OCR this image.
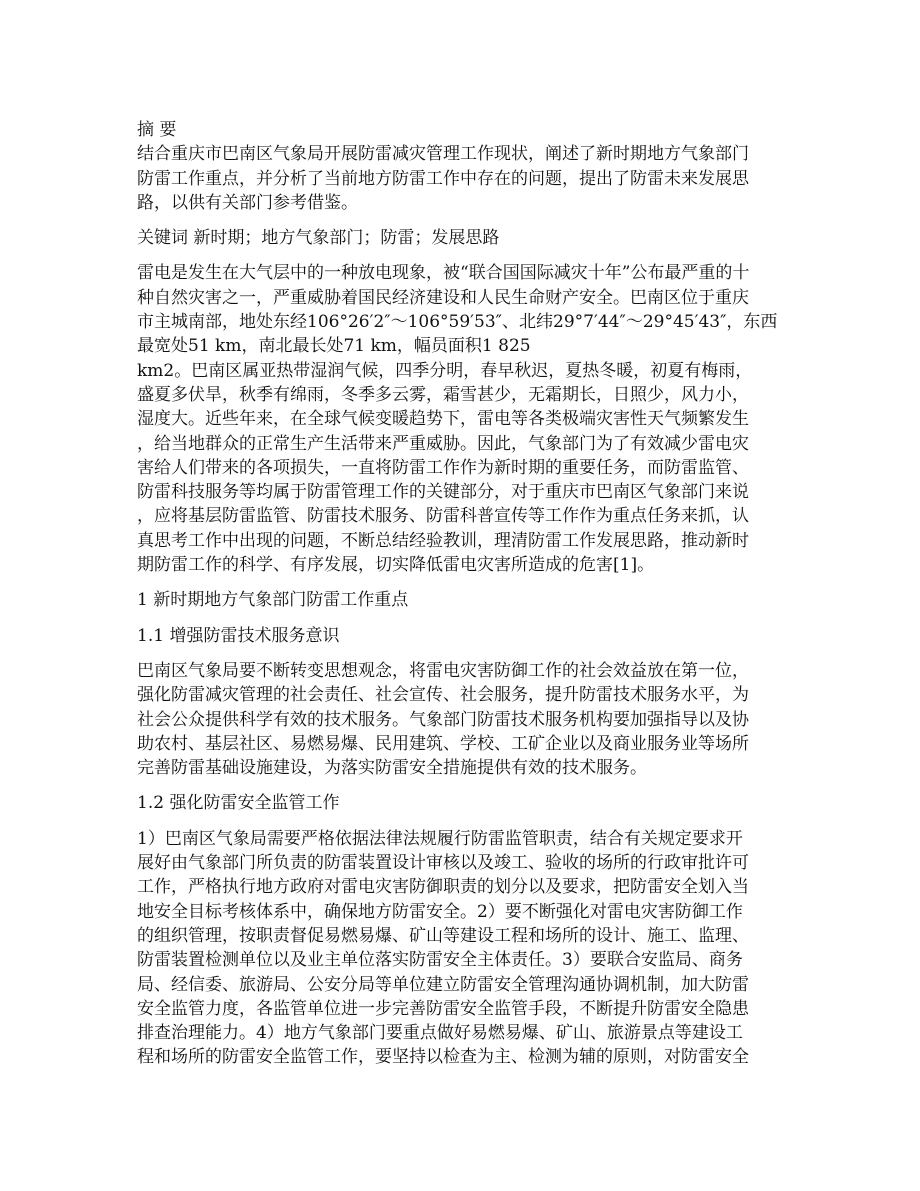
摘 要
结合重庆市巴南区气象局开展防雷减灾管理工作现状，阐述了新时期地方气象部门
防雷工作重点，并分析了当前地方防雷工作中存在的问题，提出了防雷未来发展思
路，以供有关部门参考借鉴。
关键词 新时期；地方气象部门；防雷；发展思路
雷电是发生在大气层中的一种放电现象，被“联合国国际减灾十年”公布最严重的十
种自然灾害之一，严重威胁着国民经济建设和人民生命财产安全。巴南区位于重庆
市主城南部，地处东经106°26′2″～106°59′53″、北纬29°7′44″～29°45′43″，东西
最宽处51 km，南北最长处71 km，幅员面积1 825
km2。巴南区属亚热带湿润气候，四季分明，春早秋迟，夏热冬暖，初夏有梅雨，
盛夏多伏旱，秋季有绵雨，冬季多云雾，霜雪甚少，无霜期长，日照少，风力小，
湿度大。近些年来，在全球气候变暖趋势下，雷电等各类极端灾害性天气频繁发生
，给当地群众的正常生产生活带来严重威胁。因此，气象部门为了有效减少雷电灾
害给人们带来的各项损失，一直将防雷工作作为新时期的重要任务，而防雷监管、
防雷科技服务等均属于防雷管理工作的关键部分，对于重庆市巴南区气象部门来说
，应将基层防雷监管、防雷技术服务、防雷科普宣传等工作作为重点任务来抓，认
真思考工作中出现的问题，不断总结经验教训，理清防雷工作发展思路，推动新时
期防雷工作的科学、有序发展，切实降低雷电灾害所造成的危害[1]。
1 新时期地方气象部门防雷工作重点
1.1 增强防雷技术服务意识
巴南区气象局要不断转变思想观念，将雷电灾害防御工作的社会效益放在第一位，
强化防雷减灾管理的社会责任、社会宣传、社会服务，提升防雷技术服务水平，为
社会公众提供科学有效的技术服务。气象部门防雷技术服务机构要加强指导以及协
助农村、基层社区、易燃易爆、民用建筑、学校、工矿企业以及商业服务业等场所
完善防雷基础设施建设，为落实防雷安全措施提供有效的技术服务。
1.2 强化防雷安全监管工作
1）巴南区气象局需要严格依据法律法规履行防雷监管职责，结合有关规定要求开
展好由气象部门所负责的防雷装置设计审核以及竣工、验收的场所的行政审批许可
工作，严格执行地方政府对雷电灾害防御职责的划分以及要求，把防雷安全划入当
地安全目标考核体系中，确保地方防雷安全。2）要不断强化对雷电灾害防御工作
的组织管理，按职责督促易燃易爆、矿山等建设工程和场所的设计、施工、监理、
防雷装置检测单位以及业主单位落实防雷安全主体责任。3）要联合安监局、商务
局、经信委、旅游局、公安分局等单位建立防雷安全管理沟通协调机制，加大防雷
安全监管力度，各监管单位进一步完善防雷安全监管手段，不断提升防雷安全隐患
排查治理能力。4）地方气象部门要重点做好易燃易爆、矿山、旅游景点等建设工
程和场所的防雷安全监管工作，要坚持以检查为主、检测为辅的原则，对防雷安全
